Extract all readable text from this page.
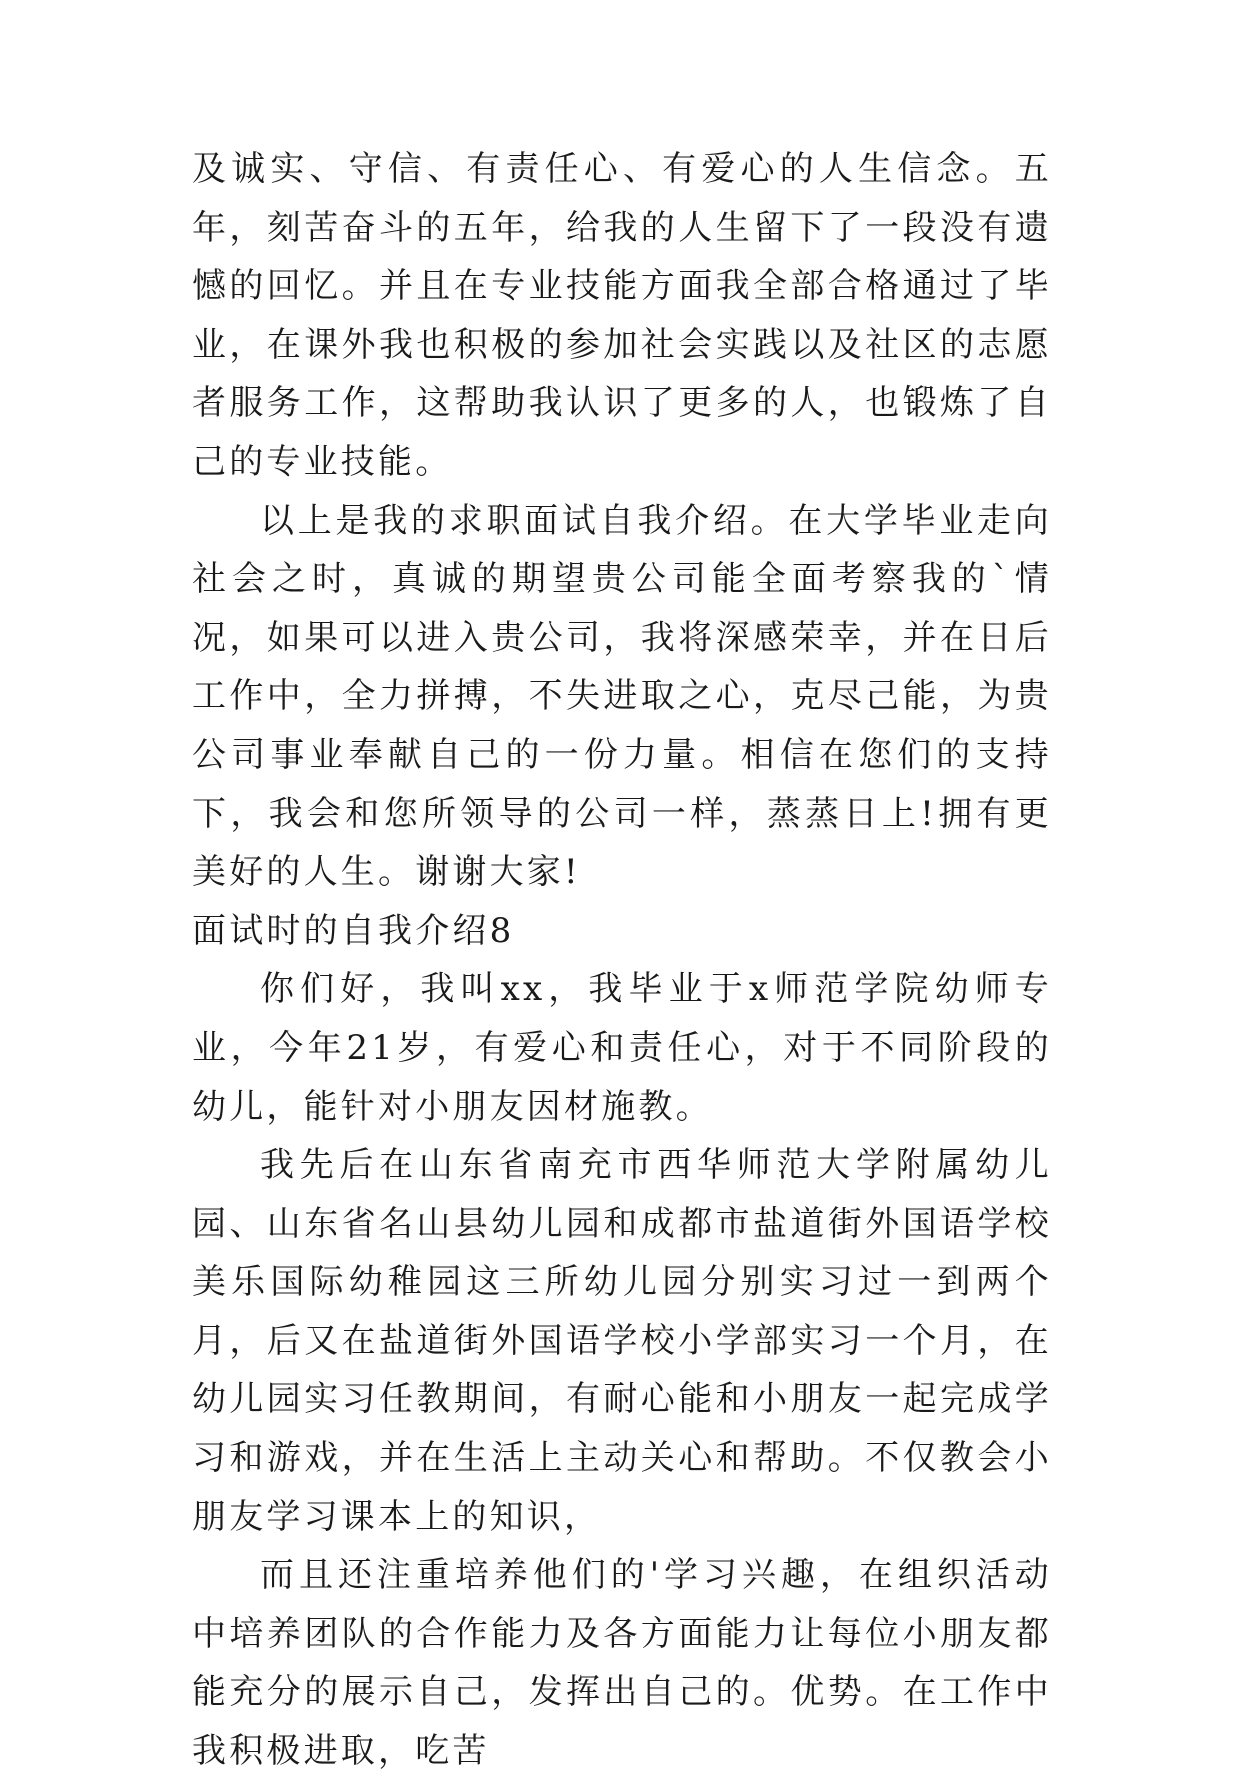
及诚实、守信、有责任心、有爱心的人生信念。五年，刻苦奋斗的五年，给我的人生留下了一段没有遗憾的回忆。并且在专业技能方面我全部合格通过了毕业，在课外我也积极的参加社会实践以及社区的志愿者服务工作，这帮助我认识了更多的人，也锻炼了自己的专业技能。

以上是我的求职面试自我介绍。在大学毕业走向社会之时，真诚的期望贵公司能全面考察我的`情况，如果可以进入贵公司，我将深感荣幸，并在日后工作中，全力拼搏，不失进取之心，克尽己能，为贵公司事业奉献自己的一份力量。相信在您们的支持下，我会和您所领导的公司一样，蒸蒸日上!拥有更美好的人生。谢谢大家!

面试时的自我介绍8

你们好，我叫xx，我毕业于x师范学院幼师专业，今年21岁，有爱心和责任心，对于不同阶段的幼儿，能针对小朋友因材施教。

我先后在山东省南充市西华师范大学附属幼儿园、山东省名山县幼儿园和成都市盐道街外国语学校美乐国际幼稚园这三所幼儿园分别实习过一到两个月，后又在盐道街外国语学校小学部实习一个月，在幼儿园实习任教期间，有耐心能和小朋友一起完成学习和游戏，并在生活上主动关心和帮助。不仅教会小朋友学习课本上的知识，

而且还注重培养他们的'学习兴趣，在组织活动中培养团队的合作能力及各方面能力让每位小朋友都能充分的展示自己，发挥出自己的。优势。在工作中我积极进取，吃苦
